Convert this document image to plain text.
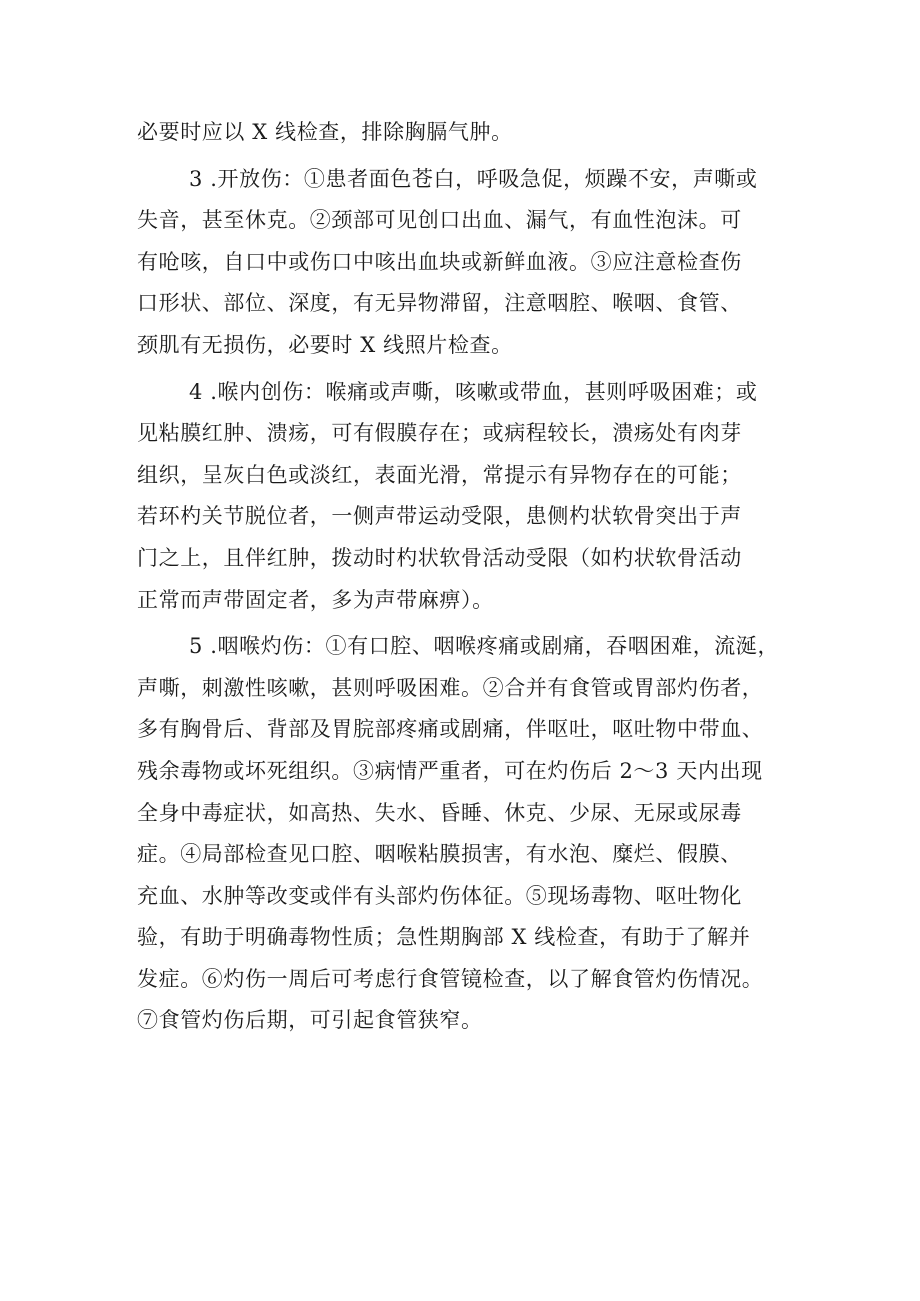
必要时应以 X 线检查，排除胸膈气肿。
3 .开放伤：①患者面色苍白，呼吸急促，烦躁不安，声嘶或
失音，甚至休克。②颈部可见创口出血、漏气，有血性泡沫。可
有呛咳，自口中或伤口中咳出血块或新鲜血液。③应注意检查伤
口形状、部位、深度，有无异物滞留，注意咽腔、喉咽、食管、
颈肌有无损伤，必要时 X 线照片检查。
4 .喉内创伤：喉痛或声嘶，咳嗽或带血，甚则呼吸困难；或
见粘膜红肿、溃疡，可有假膜存在；或病程较长，溃疡处有肉芽
组织，呈灰白色或淡红，表面光滑，常提示有异物存在的可能；
若环杓关节脱位者，一侧声带运动受限，患侧杓状软骨突出于声
门之上，且伴红肿，拨动时杓状软骨活动受限（如杓状软骨活动
正常而声带固定者，多为声带麻痹）。
5 .咽喉灼伤：①有口腔、咽喉疼痛或剧痛，吞咽困难，流涎，
声嘶，刺激性咳嗽，甚则呼吸困难。②合并有食管或胃部灼伤者，
多有胸骨后、背部及胃脘部疼痛或剧痛，伴呕吐，呕吐物中带血、
残余毒物或坏死组织。③病情严重者，可在灼伤后 2～3 天内出现
全身中毒症状，如高热、失水、昏睡、休克、少尿、无尿或尿毒
症。④局部检查见口腔、咽喉粘膜损害，有水泡、糜烂、假膜、
充血、水肿等改变或伴有头部灼伤体征。⑤现场毒物、呕吐物化
验，有助于明确毒物性质；急性期胸部 X 线检查，有助于了解并
发症。⑥灼伤一周后可考虑行食管镜检查，以了解食管灼伤情况。
⑦食管灼伤后期，可引起食管狭窄。
